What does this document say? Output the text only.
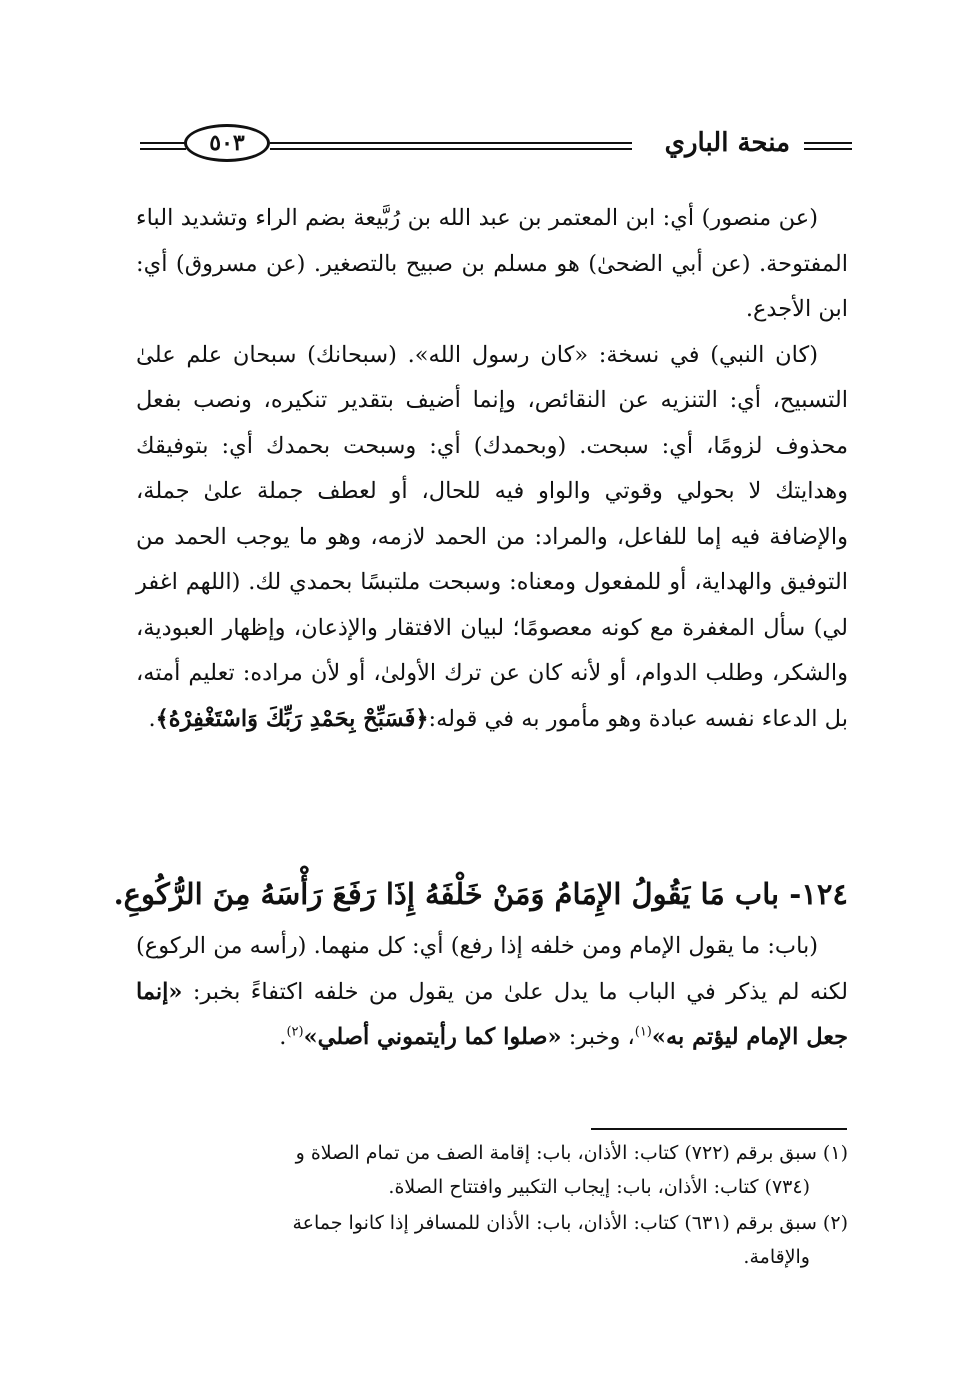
منحة الباري
٥٠٣

(عن منصور) أي: ابن المعتمر بن عبد الله بن رُبَّيعة بضم الراء وتشديد الباء المفتوحة. (عن أبي الضحىٰ) هو مسلم بن صبيح بالتصغير. (عن مسروق) أي: ابن الأجدع.

(كان النبي) في نسخة: «كان رسول الله». (سبحانك) سبحان علم علىٰ التسبيح، أي: التنزيه عن النقائص، وإنما أضيف بتقدير تنكيره، ونصب بفعل محذوف لزومًا، أي: سبحت. (وبحمدك) أي: وسبحت بحمدك أي: بتوفيقك وهدايتك لا بحولي وقوتي والواو فيه للحال، أو لعطف جملة علىٰ جملة، والإضافة فيه إما للفاعل، والمراد: من الحمد لازمه، وهو ما يوجب الحمد من التوفيق والهداية، أو للمفعول ومعناه: وسبحت ملتبسًا بحمدي لك. (اللهم اغفر لي) سأل المغفرة مع كونه معصومًا؛ لبيان الافتقار والإذعان، وإظهار العبودية، والشكر، وطلب الدوام، أو لأنه كان عن ترك الأولىٰ، أو لأن مراده: تعليم أمته، بل الدعاء نفسه عبادة وهو مأمور به في قوله:﴿فَسَبِّحْ بِحَمْدِ رَبِّكَ وَاسْتَغْفِرْهُ﴾.

١٢٤- باب مَا يَقُولُ الإِمَامُ وَمَنْ خَلْفَهُ إِذَا رَفَعَ رَأْسَهُ مِنَ الرُّكُوعِ.

(باب: ما يقول الإمام ومن خلفه إذا رفع) أي: كل منهما. (رأسه من الركوع) لكنه لم يذكر في الباب ما يدل علىٰ من يقول من خلفه اكتفاءً بخبر: «إنما جعل الإمام ليؤتم به»$^{(١)}$، وخبر: «صلوا كما رأيتموني أصلي»$^{(٢)}$.

(١) سبق برقم (٧٢٢) كتاب: الأذان، باب: إقامة الصف من تمام الصلاة و
(٧٣٤) كتاب: الأذان، باب: إيجاب التكبير وافتتاح الصلاة.
(٢) سبق برقم (٦٣١) كتاب: الأذان، باب: الأذان للمسافر إذا كانوا جماعة
والإقامة.
